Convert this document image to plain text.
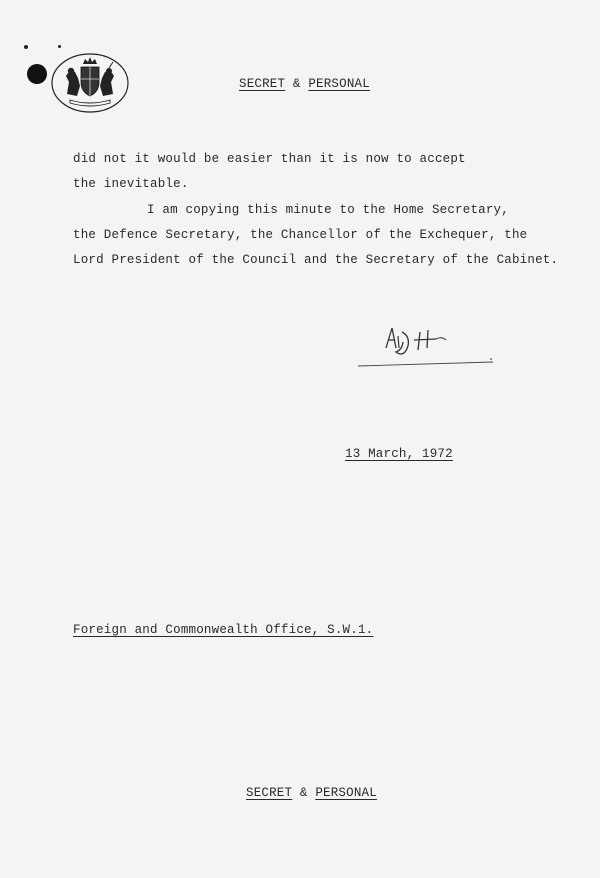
SECRET & PERSONAL
did not it would be easier than it is now to accept
the inevitable.
I am copying this minute to the Home Secretary,
the Defence Secretary, the Chancellor of the Exchequer, the
Lord President of the Council and the Secretary of the Cabinet.
13 March, 1972
Foreign and Commonwealth Office, S.W.1.
SECRET & PERSONAL
